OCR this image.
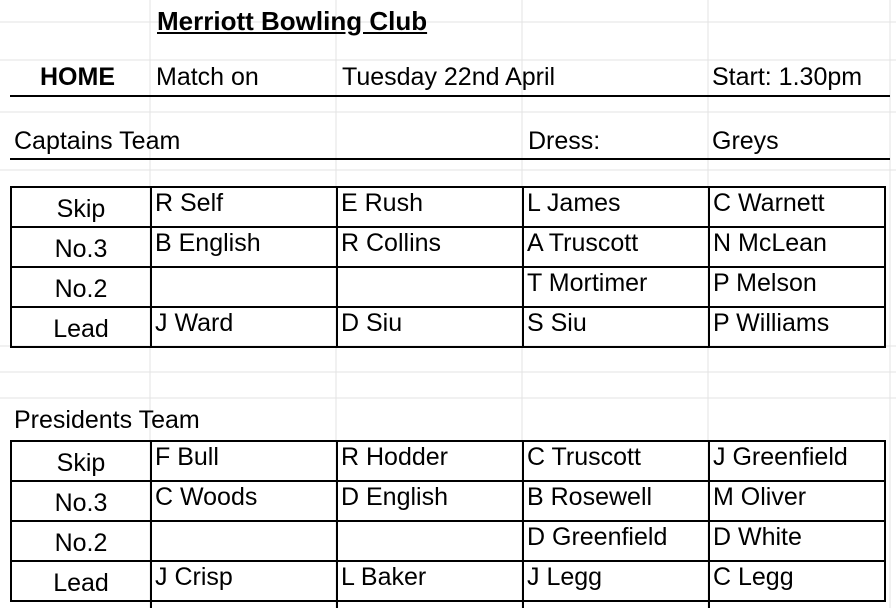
Merriott Bowling Club
HOME Match on	Tuesday 22nd April	Start: 1.30pm
Captains Team	Dress:	Greys
Skip	R Self	E Rush	L James	C Warnett
No.3	B English	R Collins	A Truscott	N McLean
No.2			T Mortimer	P Melson
Lead	J Ward	D Siu	S Siu	P Williams
Presidents Team
Skip	F Bull	R Hodder	C Truscott	J Greenfield
No.3	C Woods	D English	B Rosewell	M Oliver
No.2			D Greenfield	D White
Lead	J Crisp	L Baker	J Legg	C Legg
